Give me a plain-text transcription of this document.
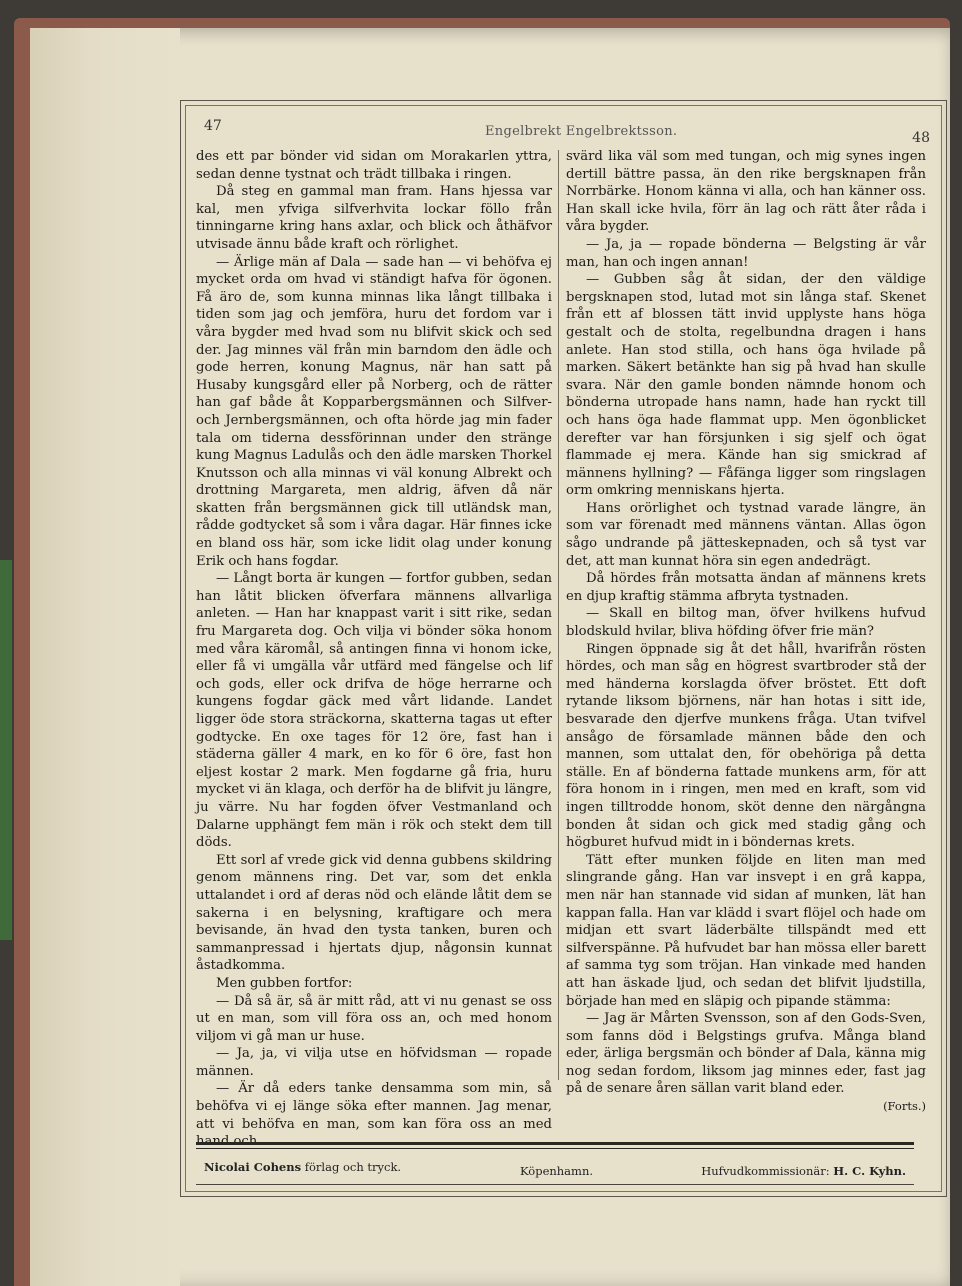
47	Engelbrekt Engelbrektsson.	48

des ett par bönder vid sidan om Morakarlen yttra, sedan denne tystnat och trädt tillbaka i ringen.

Då steg en gammal man fram. Hans hjessa var kal, men yfviga silfverhvita lockar föllo från tinningarne kring hans axlar, och blick och åthäfvor utvisade ännu både kraft och rörlighet.

— Ärlige män af Dala — sade han — vi behöfva ej mycket orda om hvad vi ständigt hafva för ögonen. Få äro de, som kunna minnas lika långt tillbaka i tiden som jag och jemföra, huru det fordom var i våra bygder med hvad som nu blifvit skick och sed der. Jag minnes väl från min barndom den ädle och gode herren, konung Magnus, när han satt på Husaby kungsgård eller på Norberg, och de rätter han gaf både åt Kopparbergsmännen och Silfver- och Jernbergsmännen, och ofta hörde jag min fader tala om tiderna dessförinnan under den stränge kung Magnus Ladulås och den ädle marsken Thorkel Knutsson och alla minnas vi väl konung Albrekt och drottning Margareta, men aldrig, äfven då när skatten från bergsmännen gick till utländsk man, rådde godtycket så som i våra dagar. Här finnes icke en bland oss här, som icke lidit olag under konung Erik och hans fogdar.

— Långt borta är kungen — fortfor gubben, sedan han låtit blicken öfverfara männens allvarliga anleten. — Han har knappast varit i sitt rike, sedan fru Margareta dog. Och vilja vi bönder söka honom med våra käromål, så antingen finna vi honom icke, eller få vi umgälla vår utfärd med fängelse och lif och gods, eller ock drifva de höge herrarne och kungens fogdar gäck med vårt lidande. Landet ligger öde stora sträckorna, skatterna tagas ut efter godtycke. En oxe tages för 12 öre, fast han i städerna gäller 4 mark, en ko för 6 öre, fast hon eljest kostar 2 mark. Men fogdarne gå fria, huru mycket vi än klaga, och derför ha de blifvit ju längre, ju värre. Nu har fogden öfver Vestmanland och Dalarne upphängt fem män i rök och stekt dem till döds.

Ett sorl af vrede gick vid denna gubbens skildring genom männens ring. Det var, som det enkla uttalandet i ord af deras nöd och elände låtit dem se sakerna i en belysning, kraftigare och mera bevisande, än hvad den tysta tanken, buren och sammanpressad i hjertats djup, någonsin kunnat åstadkomma.

Men gubben fortfor:

— Då så är, så är mitt råd, att vi nu genast se oss ut en man, som vill föra oss an, och med honom viljom vi gå man ur huse.

— Ja, ja, vi vilja utse en höfvidsman — ropade männen.

— Är då eders tanke densamma som min, så behöfva vi ej länge söka efter mannen. Jag menar, att vi behöfva en man, som kan föra oss an med

svärd lika väl som med tungan, och mig synes ingen dertill bättre passa, än den rike bergsknapen från Norrbärke. Honom känna vi alla, och han känner oss. Han skall icke hvila, förr än lag och rätt åter råda i våra bygder.

— Ja, ja — ropade bönderna — Belgsting är vår man, han och ingen annan!

— Gubben såg åt sidan, der den väldige bergsknapen stod, lutad mot sin långa staf. Skenet från ett af blossen tätt invid upplyste hans höga gestalt och de stolta, regelbundna dragen i hans anlete. Han stod stilla, och hans öga hvilade på marken. Säkert betänkte han sig på hvad han skulle svara. När den gamle bonden nämnde honom och bönderna utropade hans namn, hade han ryckt till och hans öga hade flammat upp. Men ögonblicket derefter var han försjunken i sig sjelf och ögat flammade ej mera. Kände han sig smickrad af männens hyllning? — Fåfänga ligger som ringslagen orm omkring menniskans hjerta.

Hans orörlighet och tystnad varade längre, än som var förenadt med männens väntan. Allas ögon sågo undrande på jätteskepnaden, och så tyst var det, att man kunnat höra sin egen andedrägt.

Då hördes från motsatta ändan af männens krets en djup kraftig stämma afbryta tystnaden.

— Skall en biltog man, öfver hvilkens hufvud blodskuld hvilar, bliva höfding öfver frie män?

Ringen öppnade sig åt det håll, hvarifrån rösten hördes, och man såg en högrest svartbroder stå der med händerna korslagda öfver bröstet. Ett doft rytande liksom björnens, när han hotas i sitt ide, besvarade den djerfve munkens fråga. Utan tvifvel ansågo de församlade männen både den och mannen, som uttalat den, för obehöriga på detta ställe. En af bönderna fattade munkens arm, för att föra honom in i ringen, men med en kraft, som vid ingen tilltrodde honom, sköt denne den närgångna bonden åt sidan och gick med stadig gång och högburet hufvud midt in i böndernas krets.

Tätt efter munken följde en liten man med slingrande gång. Han var insvept i en grå kappa, men när han stannade vid sidan af munken, lät han kappan falla. Han var klädd i svart flöjel och hade om midjan ett svart läderbälte tillspändt med ett silfverspänne. På hufvudet bar han mössa eller barett af samma tyg som tröjan. Han vinkade med handen att han äskade ljud, och sedan det blifvit ljudstilla, började han med en släpig och pipande stämma:

— Jag är Mårten Svensson, son af den Gods-Sven, som fanns död i Belgstings grufva. Många bland eder, ärliga bergsmän och bönder af Dala, känna mig nog sedan fordom, liksom jag minnes eder, fast jag på de senare åren sällan varit bland eder.

(Forts.)
Nicolai Cohens förlag och tryck.	Köpenhamn.	Hufvudkommissionär: H. C. Kyhn.
